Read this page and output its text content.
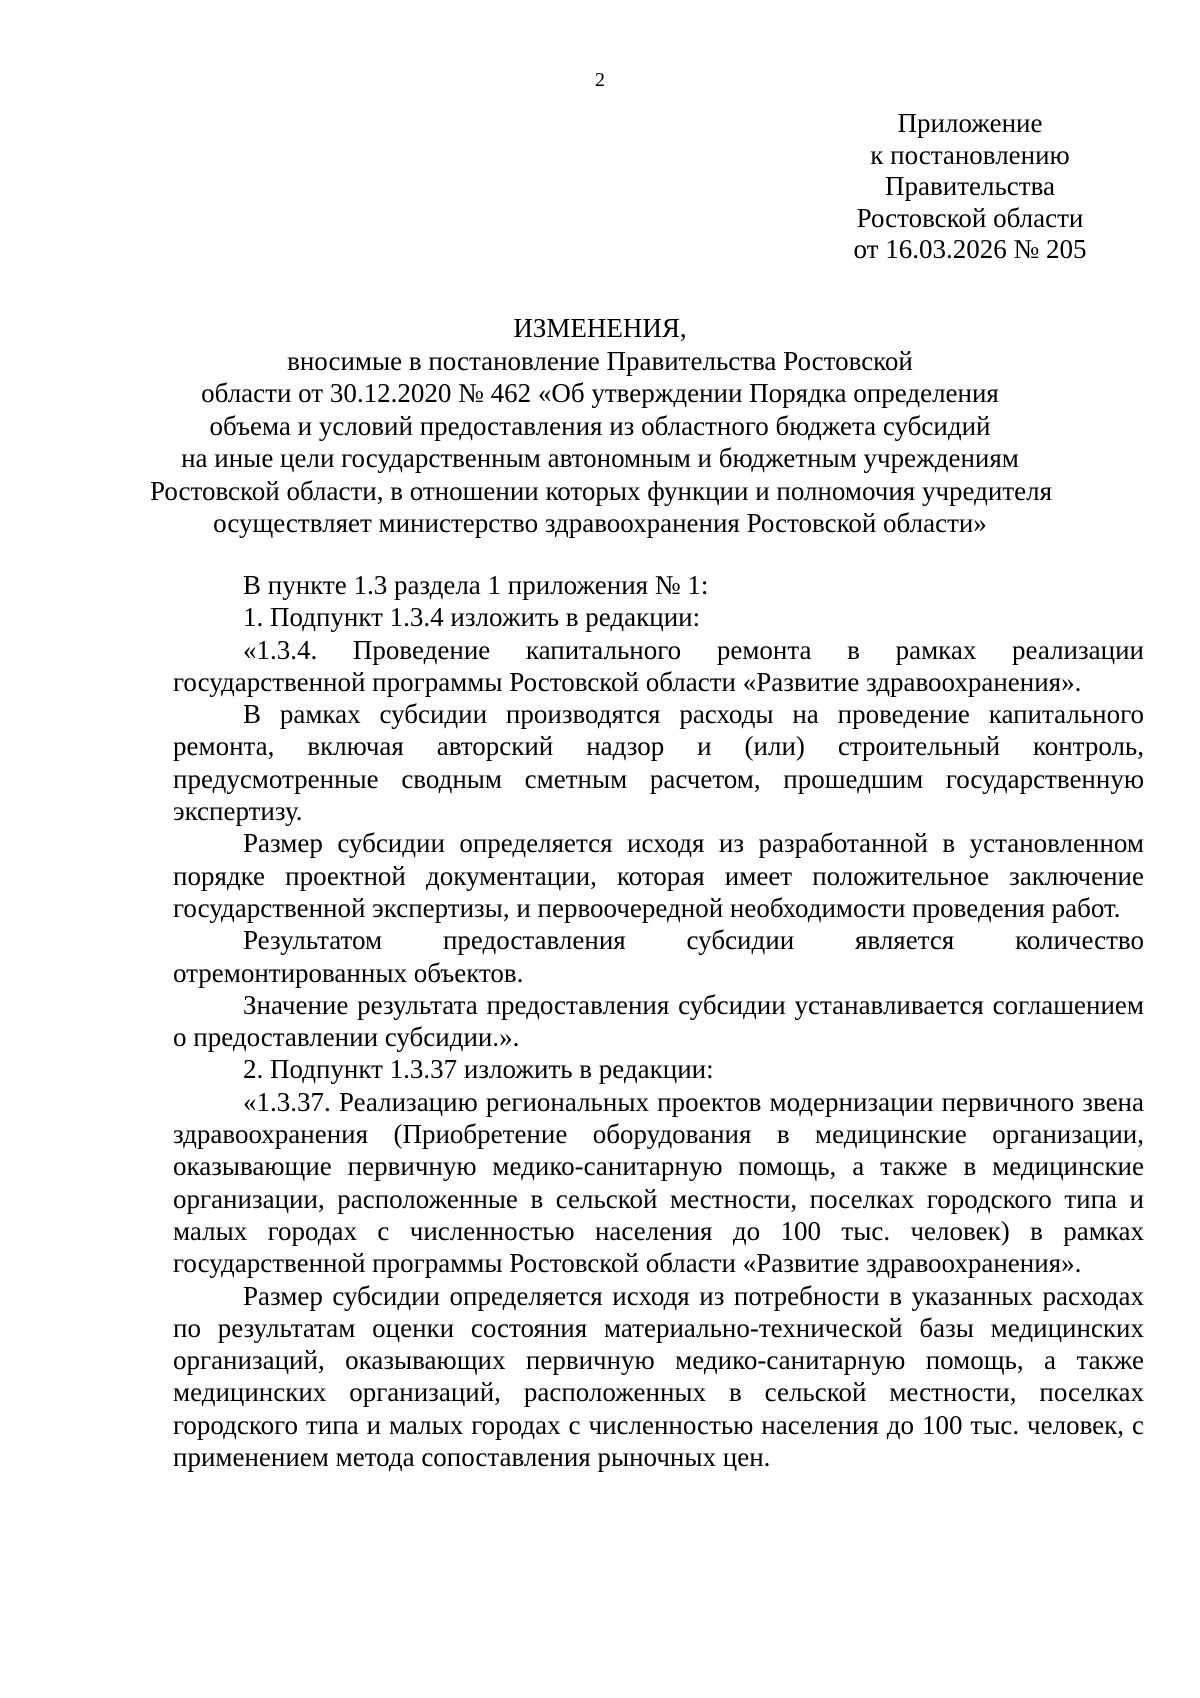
2
Приложение
к постановлению
Правительства
Ростовской области
от 16.03.2026 № 205
ИЗМЕНЕНИЯ,
вносимые в постановление Правительства Ростовской
области от 30.12.2020 № 462 «Об утверждении Порядка определения
объема и условий предоставления из областного бюджета субсидий
на иные цели государственным автономным и бюджетным учреждениям
Ростовской области, в отношении которых функции и полномочия учредителя
осуществляет министерство здравоохранения Ростовской области»

В пункте 1.3 раздела 1 приложения № 1:

1. Подпункт 1.3.4 изложить в редакции:

«1.3.4. Проведение капитального ремонта в рамках реализации государственной программы Ростовской области «Развитие здравоохранения».

В рамках субсидии производятся расходы на проведение капитального ремонта, включая авторский надзор и (или) строительный контроль, предусмотренные сводным сметным расчетом, прошедшим государственную экспертизу.

Размер субсидии определяется исходя из разработанной в установленном порядке проектной документации, которая имеет положительное заключение государственной экспертизы, и первоочередной необходимости проведения работ.

Результатом предоставления субсидии является количество отремонтированных объектов.

Значение результата предоставления субсидии устанавливается соглашением о предоставлении субсидии.».

2. Подпункт 1.3.37 изложить в редакции:

«1.3.37. Реализацию региональных проектов модернизации первичного звена здравоохранения (Приобретение оборудования в медицинские организации, оказывающие первичную медико-санитарную помощь, а также в медицинские организации, расположенные в сельской местности, поселках городского типа и малых городах с численностью населения до 100 тыс. человек) в рамках государственной программы Ростовской области «Развитие здравоохранения».

Размер субсидии определяется исходя из потребности в указанных расходах по результатам оценки состояния материально-технической базы медицинских организаций, оказывающих первичную медико-санитарную помощь, а также медицинских организаций, расположенных в сельской местности, поселках городского типа и малых городах с численностью населения до 100 тыс. человек, с применением метода сопоставления рыночных цен.
